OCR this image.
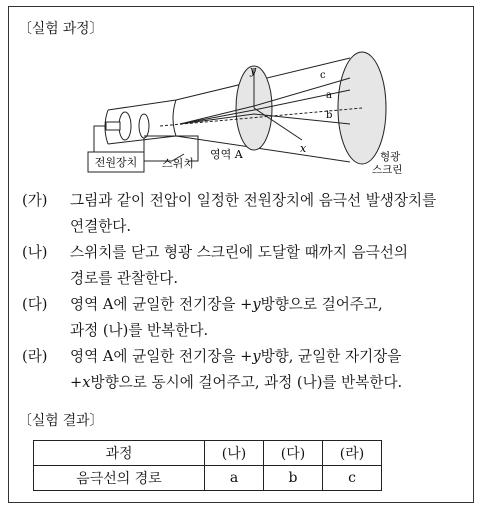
〔실험 과정〕
전원장치 스위치
y
x
c
a
b
영역 A	형광
스크린
(가)	그림과 같이 전압이 일정한 전원장치에 음극선 발생장치를
연결한다.
(나)	스위치를 닫고 형광 스크린에 도달할 때까지 음극선의
경로를 관찰한다.
(다)	영역 A에 균일한 전기장을 +y방향으로 걸어주고,
과정 (나)를 반복한다.
(라)	영역 A에 균일한 전기장을 +y방향, 균일한 자기장을
+x방향으로 동시에 걸어주고, 과정 (나)를 반복한다.
〔실험 결과〕
과정	(나)	(다)	(라)
음극선의 경로	a	b	c
